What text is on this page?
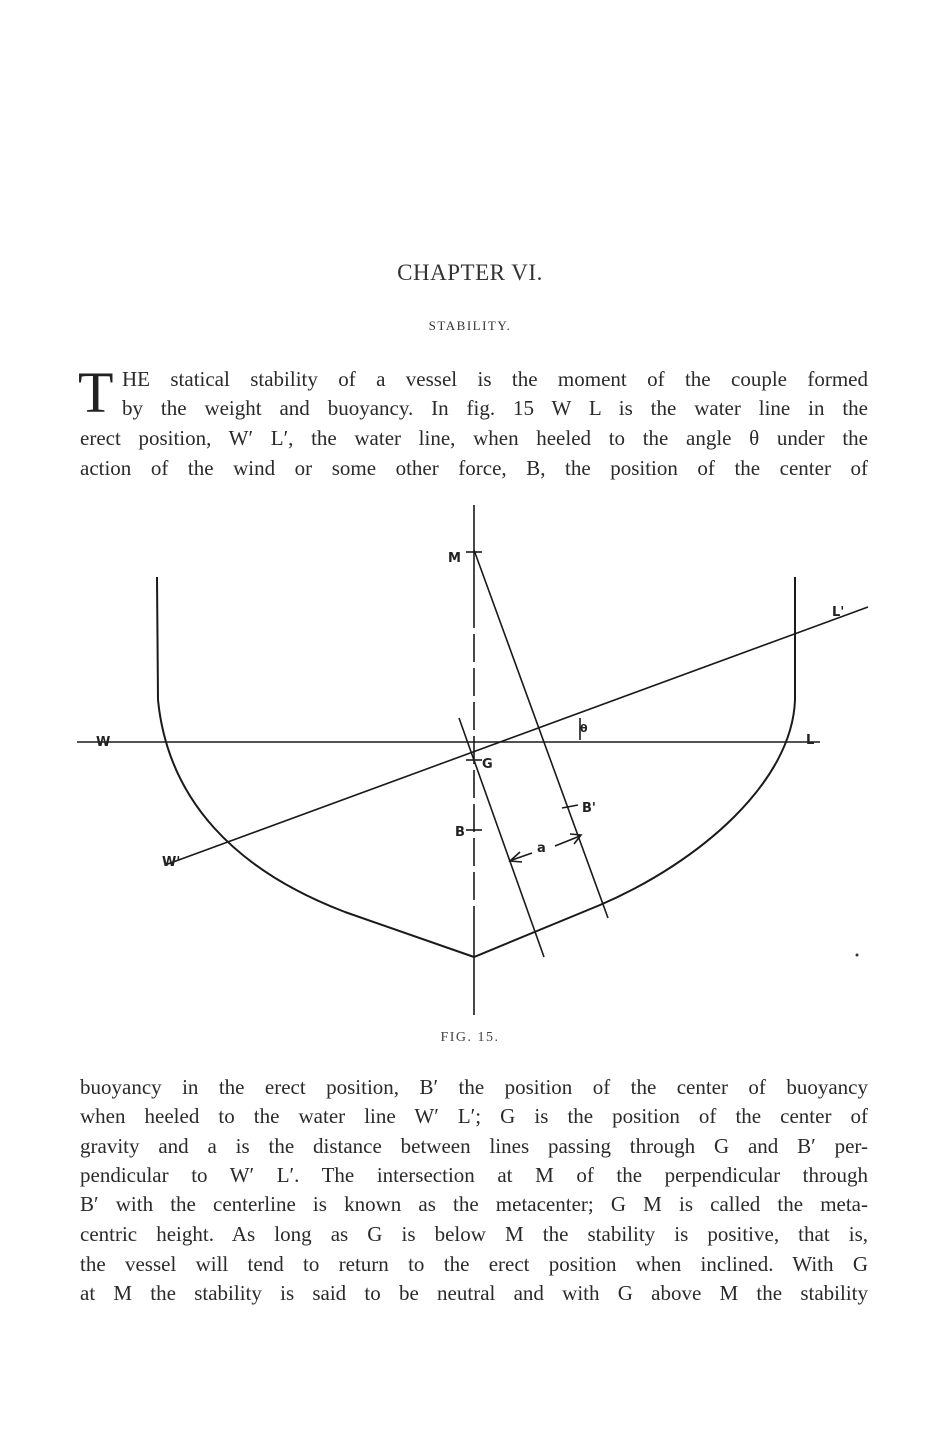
CHAPTER VI.
STABILITY.
T HE statical stability of a vessel is the moment of the couple formed
by the weight and buoyancy. In fig. 15 W L is the water line in the
erect position, W′ L′, the water line, when heeled to the angle θ under the
action of the wind or some other force, B, the position of the center of
M
W	L
W'
L'
G
B
B'
θ
a
FIG. 15.
buoyancy in the erect position, B′ the position of the center of buoyancy
when heeled to the water line W′ L′; G is the position of the center of
gravity and a is the distance between lines passing through G and B′ per-
pendicular to W′ L′. The intersection at M of the perpendicular through
B′ with the centerline is known as the metacenter; G M is called the meta-
centric height. As long as G is below M the stability is positive, that is,
the vessel will tend to return to the erect position when inclined. With G
at M the stability is said to be neutral and with G above M the stability
